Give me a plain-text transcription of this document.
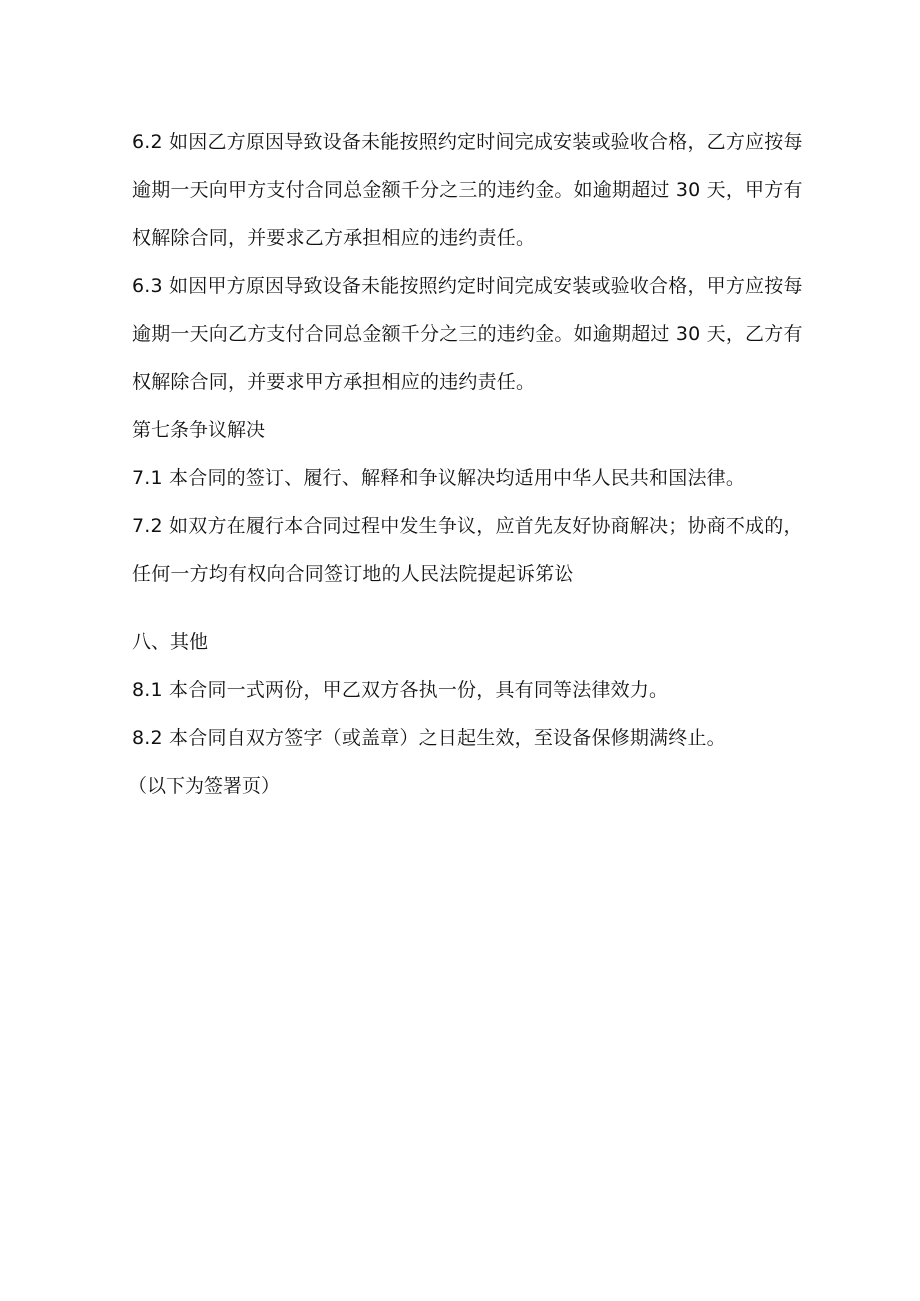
6.2 如因乙方原因导致设备未能按照约定时间完成安装或验收合格，乙方应按每逾期一天向甲方支付合同总金额千分之三的违约金。如逾期超过 30 天，甲方有权解除合同，并要求乙方承担相应的违约责任。

6.3 如因甲方原因导致设备未能按照约定时间完成安装或验收合格，甲方应按每逾期一天向乙方支付合同总金额千分之三的违约金。如逾期超过 30 天，乙方有权解除合同，并要求甲方承担相应的违约责任。

第七条争议解决

7.1 本合同的签订、履行、解释和争议解决均适用中华人民共和国法律。

7.2 如双方在履行本合同过程中发生争议，应首先友好协商解决；协商不成的，任何一方均有权向合同签订地的人民法院提起诉笫讼

八、其他

8.1 本合同一式两份，甲乙双方各执一份，具有同等法律效力。

8.2 本合同自双方签字（或盖章）之日起生效，至设备保修期满终止。

（以下为签署页）
